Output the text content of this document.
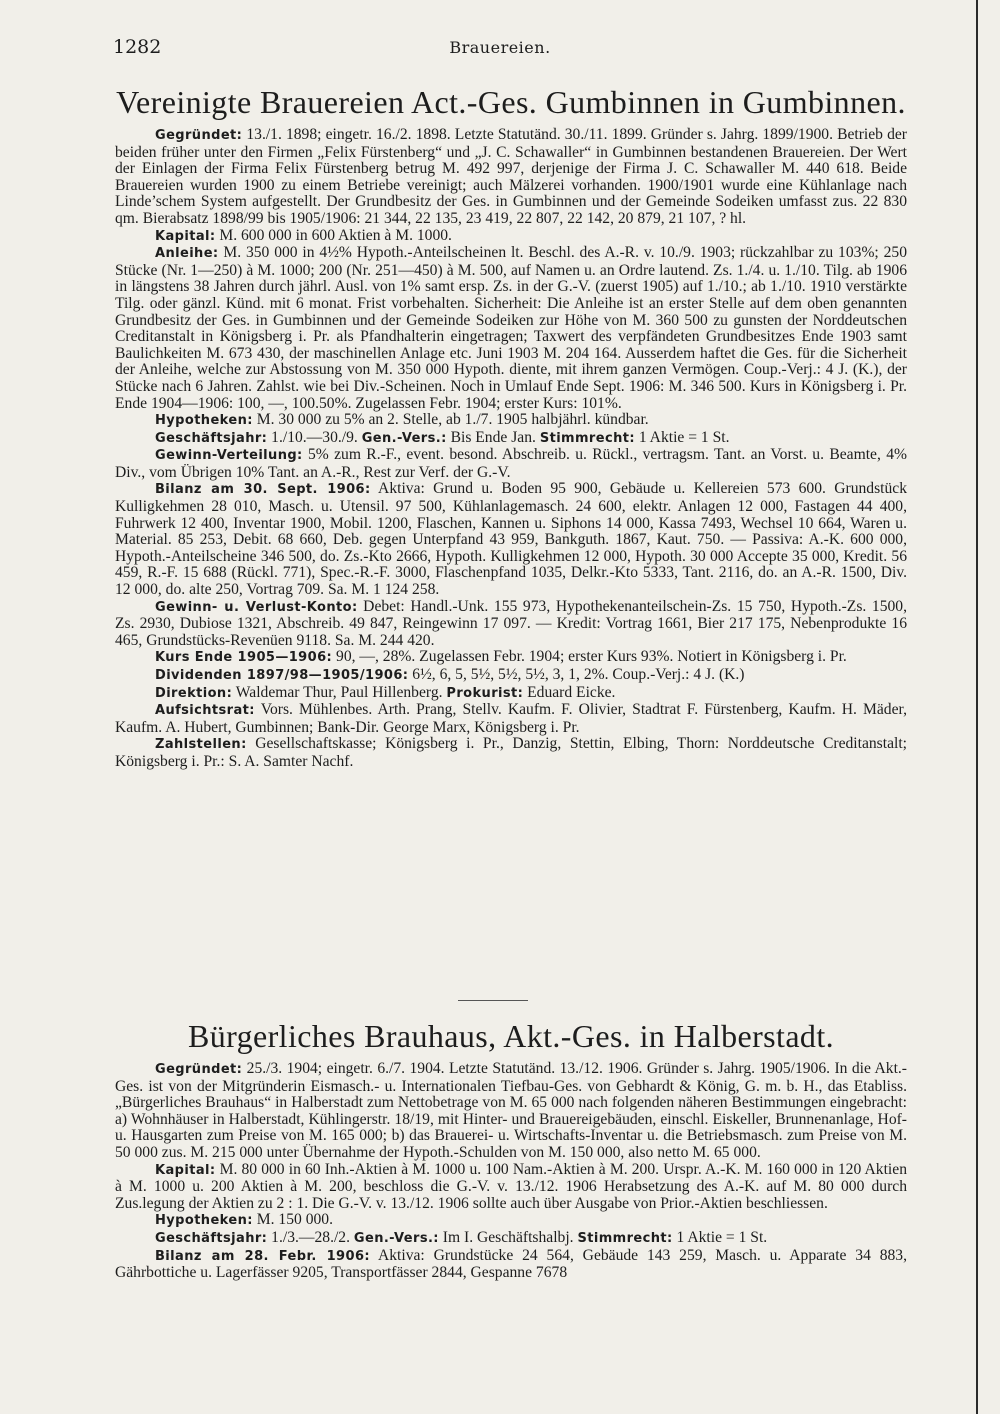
1282	Brauereien.
Vereinigte Brauereien Act.-Ges. Gumbinnen in Gumbinnen.

Gegründet: 13./1. 1898; eingetr. 16./2. 1898. Letzte Statutänd. 30./11. 1899. Gründer s. Jahrg. 1899/1900. Betrieb der beiden früher unter den Firmen „Felix Fürstenberg“ und „J. C. Schawaller“ in Gumbinnen bestandenen Brauereien. Der Wert der Einlagen der Firma Felix Fürstenberg betrug M. 492 997, derjenige der Firma J. C. Schawaller M. 440 618. Beide Brauereien wurden 1900 zu einem Betriebe vereinigt; auch Mälzerei vorhanden. 1900/1901 wurde eine Kühlanlage nach Linde’schem System aufgestellt. Der Grundbesitz der Ges. in Gumbinnen und der Gemeinde Sodeiken umfasst zus. 22 830 qm. Bierabsatz 1898/99 bis 1905/1906: 21 344, 22 135, 23 419, 22 807, 22 142, 20 879, 21 107, ? hl.

Kapital: M. 600 000 in 600 Aktien à M. 1000.

Anleihe: M. 350 000 in 4½% Hypoth.-Anteilscheinen lt. Beschl. des A.-R. v. 10./9. 1903; rückzahlbar zu 103%; 250 Stücke (Nr. 1—250) à M. 1000; 200 (Nr. 251—450) à M. 500, auf Namen u. an Ordre lautend. Zs. 1./4. u. 1./10. Tilg. ab 1906 in längstens 38 Jahren durch jährl. Ausl. von 1% samt ersp. Zs. in der G.-V. (zuerst 1905) auf 1./10.; ab 1./10. 1910 verstärkte Tilg. oder gänzl. Künd. mit 6 monat. Frist vorbehalten. Sicherheit: Die Anleihe ist an erster Stelle auf dem oben genannten Grundbesitz der Ges. in Gumbinnen und der Gemeinde Sodeiken zur Höhe von M. 360 500 zu gunsten der Norddeutschen Creditanstalt in Königsberg i. Pr. als Pfandhalterin eingetragen; Taxwert des verpfändeten Grundbesitzes Ende 1903 samt Baulichkeiten M. 673 430, der maschinellen Anlage etc. Juni 1903 M. 204 164. Ausserdem haftet die Ges. für die Sicherheit der Anleihe, welche zur Abstossung von M. 350 000 Hypoth. diente, mit ihrem ganzen Vermögen. Coup.-Verj.: 4 J. (K.), der Stücke nach 6 Jahren. Zahlst. wie bei Div.-Scheinen. Noch in Umlauf Ende Sept. 1906: M. 346 500. Kurs in Königsberg i. Pr. Ende 1904—1906: 100, —, 100.50%. Zugelassen Febr. 1904; erster Kurs: 101%.

Hypotheken: M. 30 000 zu 5% an 2. Stelle, ab 1./7. 1905 halbjährl. kündbar.

Geschäftsjahr: 1./10.—30./9. Gen.-Vers.: Bis Ende Jan. Stimmrecht: 1 Aktie = 1 St.

Gewinn-Verteilung: 5% zum R.-F., event. besond. Abschreib. u. Rückl., vertragsm. Tant. an Vorst. u. Beamte, 4% Div., vom Übrigen 10% Tant. an A.-R., Rest zur Verf. der G.-V.

Bilanz am 30. Sept. 1906: Aktiva: Grund u. Boden 95 900, Gebäude u. Kellereien 573 600. Grundstück Kulligkehmen 28 010, Masch. u. Utensil. 97 500, Kühlanlagemasch. 24 600, elektr. Anlagen 12 000, Fastagen 44 400, Fuhrwerk 12 400, Inventar 1900, Mobil. 1200, Flaschen, Kannen u. Siphons 14 000, Kassa 7493, Wechsel 10 664, Waren u. Material. 85 253, Debit. 68 660, Deb. gegen Unterpfand 43 959, Bankguth. 1867, Kaut. 750. — Passiva: A.-K. 600 000, Hypoth.-Anteilscheine 346 500, do. Zs.-Kto 2666, Hypoth. Kulligkehmen 12 000, Hypoth. 30 000 Accepte 35 000, Kredit. 56 459, R.-F. 15 688 (Rückl. 771), Spec.-R.-F. 3000, Flaschenpfand 1035, Delkr.-Kto 5333, Tant. 2116, do. an A.-R. 1500, Div. 12 000, do. alte 250, Vortrag 709. Sa. M. 1 124 258.

Gewinn- u. Verlust-Konto: Debet: Handl.-Unk. 155 973, Hypothekenanteilschein-Zs. 15 750, Hypoth.-Zs. 1500, Zs. 2930, Dubiose 1321, Abschreib. 49 847, Reingewinn 17 097. — Kredit: Vortrag 1661, Bier 217 175, Nebenprodukte 16 465, Grundstücks-Revenüen 9118. Sa. M. 244 420.

Kurs Ende 1905—1906: 90, —, 28%. Zugelassen Febr. 1904; erster Kurs 93%. Notiert in Königsberg i. Pr.

Dividenden 1897/98—1905/1906: 6½, 6, 5, 5½, 5½, 5½, 3, 1, 2%. Coup.-Verj.: 4 J. (K.)

Direktion: Waldemar Thur, Paul Hillenberg. Prokurist: Eduard Eicke.

Aufsichtsrat: Vors. Mühlenbes. Arth. Prang, Stellv. Kaufm. F. Olivier, Stadtrat F. Fürstenberg, Kaufm. H. Mäder, Kaufm. A. Hubert, Gumbinnen; Bank-Dir. George Marx, Königsberg i. Pr.

Zahlstellen: Gesellschaftskasse; Königsberg i. Pr., Danzig, Stettin, Elbing, Thorn: Norddeutsche Creditanstalt; Königsberg i. Pr.: S. A. Samter Nachf.

Bürgerliches Brauhaus, Akt.-Ges. in Halberstadt.

Gegründet: 25./3. 1904; eingetr. 6./7. 1904. Letzte Statutänd. 13./12. 1906. Gründer s. Jahrg. 1905/1906. In die Akt.-Ges. ist von der Mitgründerin Eismasch.- u. Internationalen Tiefbau-Ges. von Gebhardt & König, G. m. b. H., das Etabliss. „Bürgerliches Brauhaus“ in Halberstadt zum Nettobetrage von M. 65 000 nach folgenden näheren Bestimmungen eingebracht: a) Wohnhäuser in Halberstadt, Kühlingerstr. 18/19, mit Hinter- und Brauereigebäuden, einschl. Eiskeller, Brunnenanlage, Hof- u. Hausgarten zum Preise von M. 165 000; b) das Brauerei- u. Wirtschafts-Inventar u. die Betriebsmasch. zum Preise von M. 50 000 zus. M. 215 000 unter Übernahme der Hypoth.-Schulden von M. 150 000, also netto M. 65 000.

Kapital: M. 80 000 in 60 Inh.-Aktien à M. 1000 u. 100 Nam.-Aktien à M. 200. Urspr. A.-K. M. 160 000 in 120 Aktien à M. 1000 u. 200 Aktien à M. 200, beschloss die G.-V. v. 13./12. 1906 Herabsetzung des A.-K. auf M. 80 000 durch Zus.legung der Aktien zu 2 : 1. Die G.-V. v. 13./12. 1906 sollte auch über Ausgabe von Prior.-Aktien beschliessen.

Hypotheken: M. 150 000.

Geschäftsjahr: 1./3.—28./2. Gen.-Vers.: Im I. Geschäftshalbj. Stimmrecht: 1 Aktie = 1 St.

Bilanz am 28. Febr. 1906: Aktiva: Grundstücke 24 564, Gebäude 143 259, Masch. u. Apparate 34 883, Gährbottiche u. Lagerfässer 9205, Transportfässer 2844, Gespanne 7678
